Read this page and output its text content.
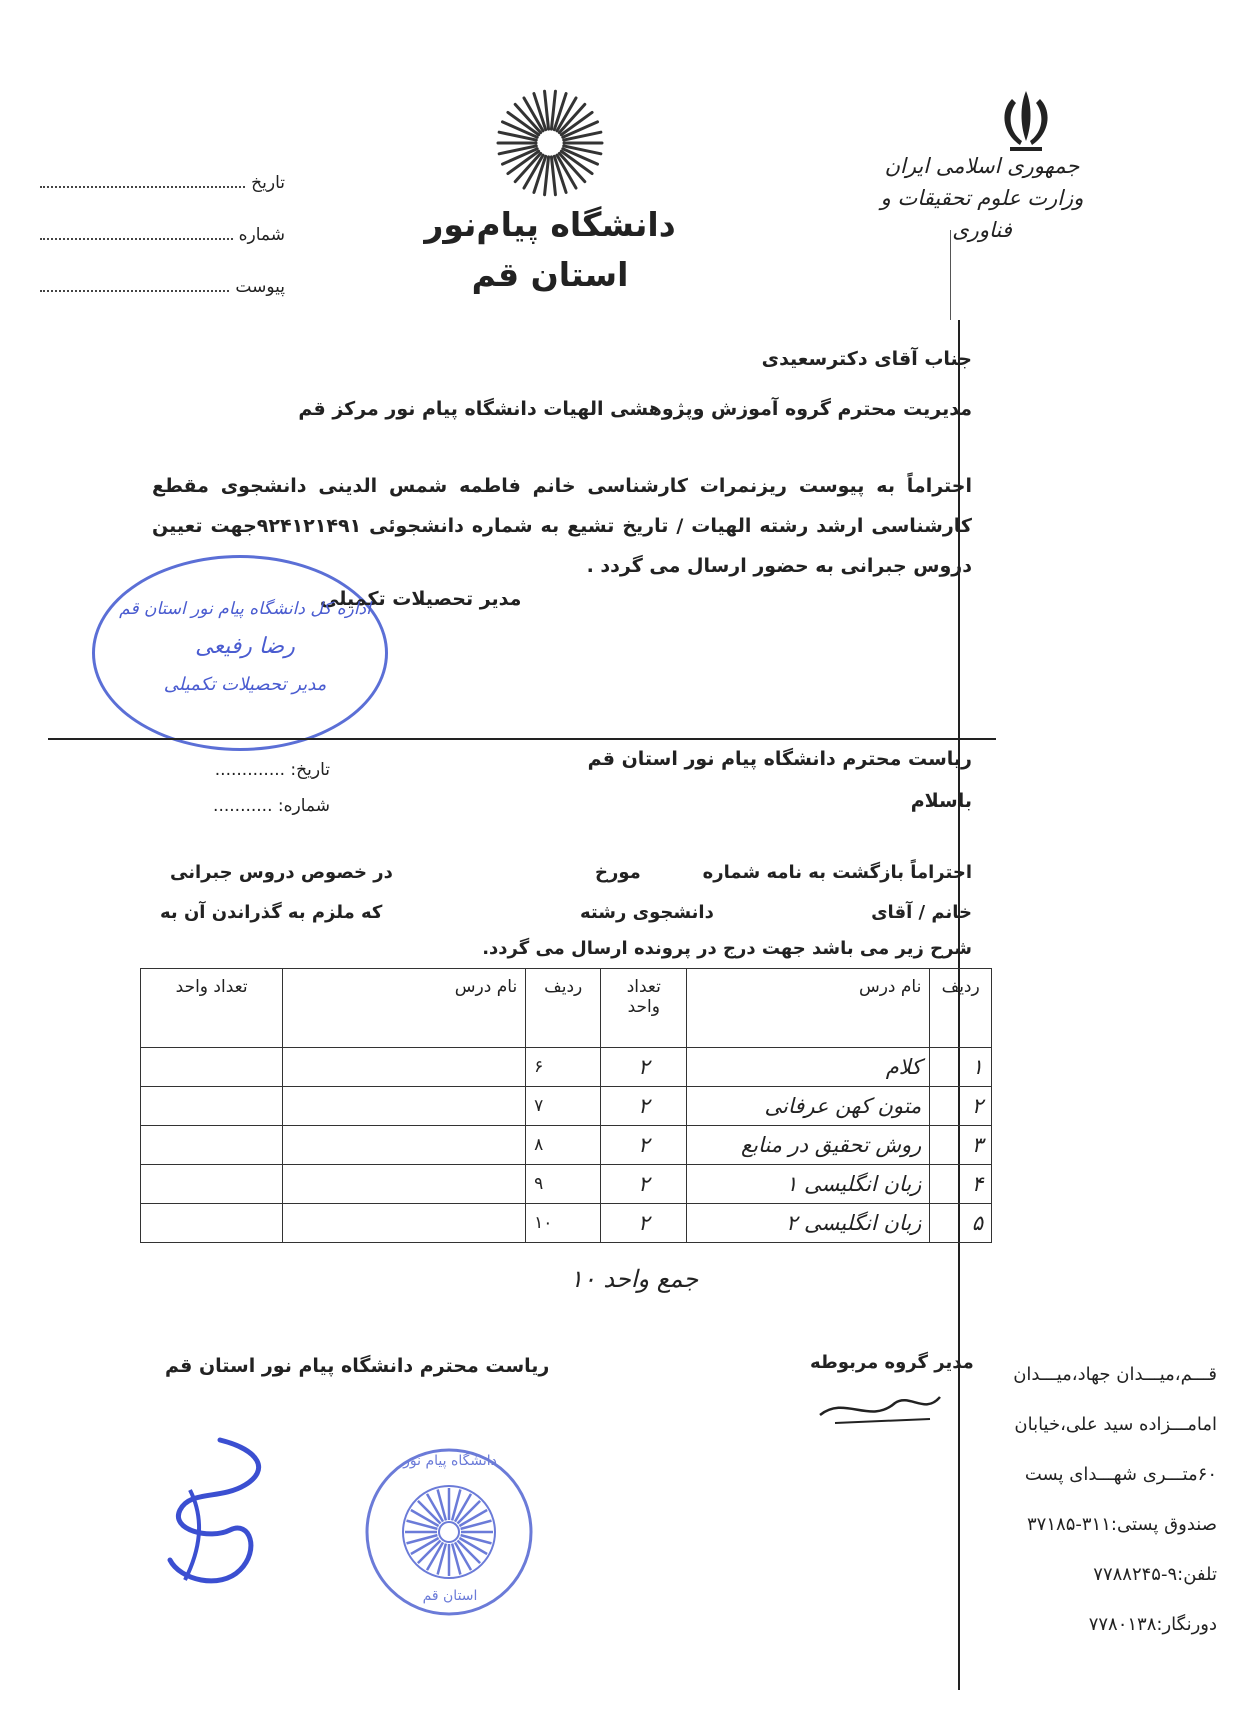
جمهوری اسلامی ایران
وزارت علوم تحقیقات و فناوری
دانشگاه پیام‌نور
استان قم
تاریخ
شماره
پیوست
جناب آقای دکترسعیدی
مدیریت محترم گروه آموزش وپژوهشی الهیات دانشگاه پیام نور مرکز قم
احتراماً به پیوست ریزنمرات کارشناسی خانم فاطمه شمس الدینی دانشجوی مقطع کارشناسی ارشد رشته الهیات / تاریخ تشیع به شماره دانشجوئی ۹۲۴۱۲۱۴۹۱جهت تعیین دروس جبرانی به حضور ارسال می گردد .
مدیر تحصیلات تکمیلی
اداره کل دانشگاه پیام نور استان قم
رضا رفیعی
مدیر تحصیلات تکمیلی
ریاست محترم دانشگاه پیام نور استان قم
باسلام
تاریخ: .............
شماره: ...........
احتراماً بازگشت به نامه شماره
مورخ
در خصوص دروس جبرانی
خانم / آقای
دانشجوی رشته
که ملزم به گذراندن آن به
شرح زیر می باشد جهت درج در پرونده ارسال می گردد.
ردیف	نام درس	تعداد واحد	ردیف	نام درس	تعداد واحد
۱	کلام	۲	۶		
۲	متون کهن عرفانی	۲	۷		
۳	روش تحقیق در منابع	۲	۸		
۴	زبان انگلیسی ۱	۲	۹		
۵	زبان انگلیسی ۲	۲	۱۰		
جمع واحد ۱۰
مدیر گروه مربوطه
ریاست محترم دانشگاه پیام نور استان قم
دانشگاه پیام نور
استان قم
قـــم،میـــدان جهاد،میـــدان
امامـــزاده سید علی،خیابان
۶۰متـــری شهـــدای پست
صندوق پستی:۳۱۱-۳۷۱۸۵
تلفن:۹-۷۷۸۸۲۴۵
دورنگار:۷۷۸۰۱۳۸
